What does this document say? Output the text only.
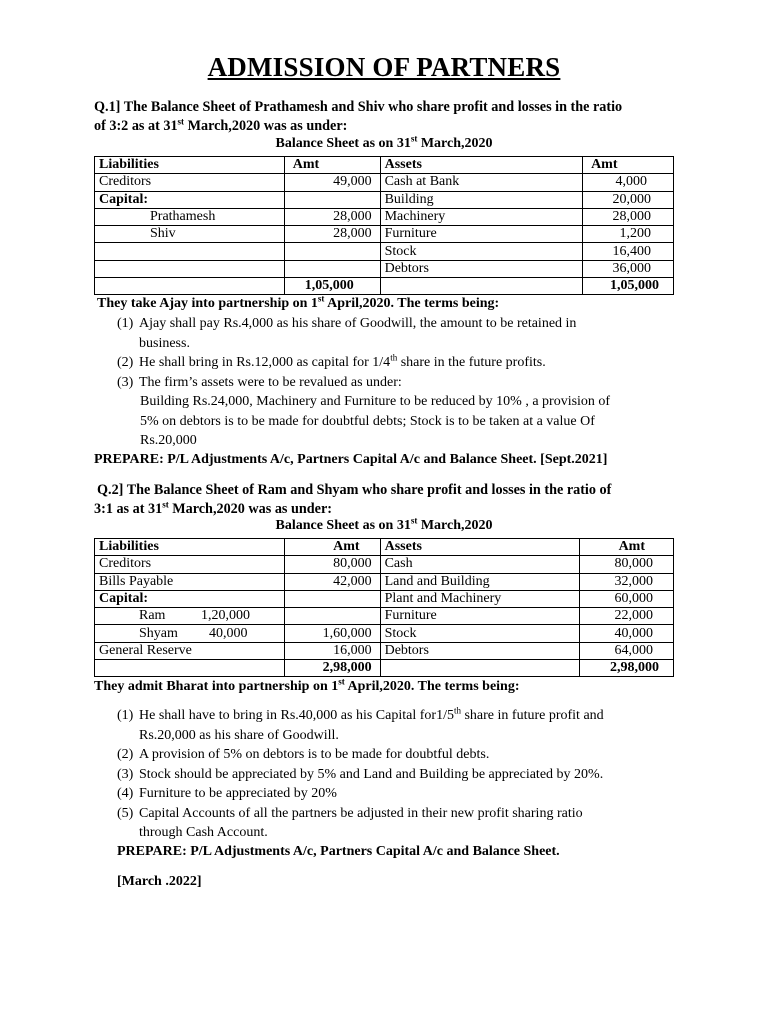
ADMISSION OF PARTNERS
Q.1] The Balance Sheet of Prathamesh and Shiv who share profit and losses in the ratio
of 3:2 as at 31st March,2020 was as under:
Balance Sheet as on 31st March,2020
Liabilities	Amt	Assets	Amt
Creditors	49,000	Cash at Bank	4,000
Capital:		Building	20,000
Prathamesh	28,000	Machinery	28,000
Shiv	28,000	Furniture	1,200
		Stock	16,400
		Debtors	36,000
	1,05,000		1,05,000
They take Ajay into partnership on 1st April,2020. The terms being:
(1) Ajay shall pay Rs.4,000 as his share of Goodwill, the amount to be retained in
business.
(2) He shall bring in Rs.12,000 as capital for 1/4th share in the future profits.
(3) The firm’s assets were to be revalued as under:
Building Rs.24,000, Machinery and Furniture to be reduced by 10% , a provision of
5% on debtors is to be made for doubtful debts; Stock is to be taken at a value Of
Rs.20,000
PREPARE: P/L Adjustments A/c, Partners Capital A/c and Balance Sheet. [Sept.2021]
Q.2] The Balance Sheet of Ram and Shyam who share profit and losses in the ratio of
3:1 as at 31st March,2020 was as under:
Balance Sheet as on 31st March,2020
Liabilities	Amt	Assets	Amt
Creditors	80,000	Cash	80,000
Bills Payable	42,000	Land and Building	32,000
Capital:		Plant and Machinery	60,000
Ram 1,20,000		Furniture	22,000
Shyam 40,000	1,60,000	Stock	40,000
General Reserve	16,000	Debtors	64,000
	2,98,000		2,98,000
They admit Bharat into partnership on 1st April,2020. The terms being:
(1) He shall have to bring in Rs.40,000 as his Capital for1/5th share in future profit and
Rs.20,000 as his share of Goodwill.
(2) A provision of 5% on debtors is to be made for doubtful debts.
(3) Stock should be appreciated by 5% and Land and Building be appreciated by 20%.
(4) Furniture to be appreciated by 20%
(5) Capital Accounts of all the partners be adjusted in their new profit sharing ratio
through Cash Account.
PREPARE: P/L Adjustments A/c, Partners Capital A/c and Balance Sheet.
[March .2022]
